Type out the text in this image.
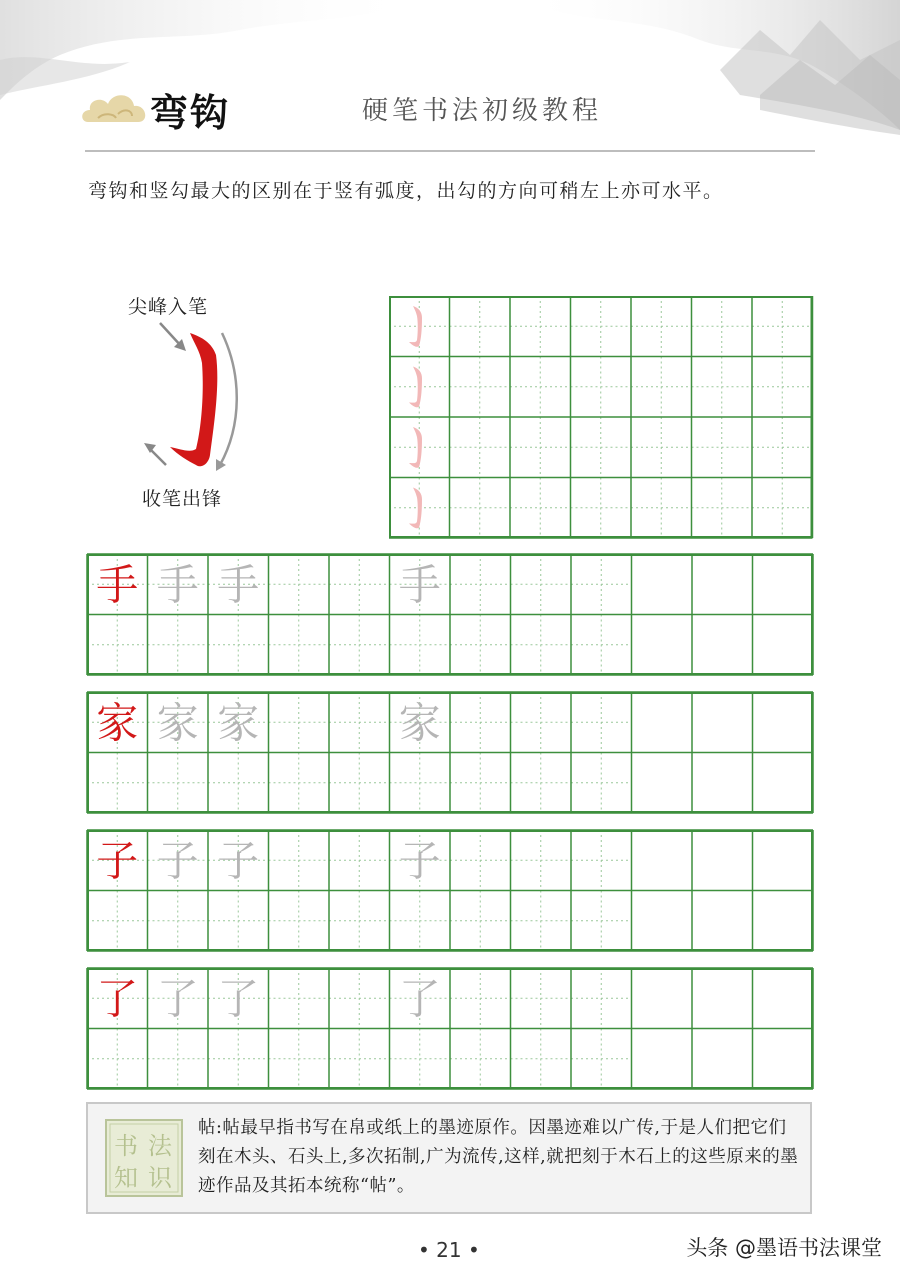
弯钩	硬笔书法初级教程
弯钩和竖勾最大的区别在于竖有弧度，出勾的方向可稍左上亦可水平。
尖峰入笔
收笔出锋
手 手 手	手
家 家 家	家
子 子 子	子
了 了 了	了
书 法
知 识
帖:帖最早指书写在帛或纸上的墨迹原作。因墨迹难以广传,于是人们把它们刻在木头、石头上,多次拓制,广为流传,这样,就把刻于木石上的这些原来的墨迹作品及其拓本统称“帖”。
• 21 •	头条 @墨语书法课堂
